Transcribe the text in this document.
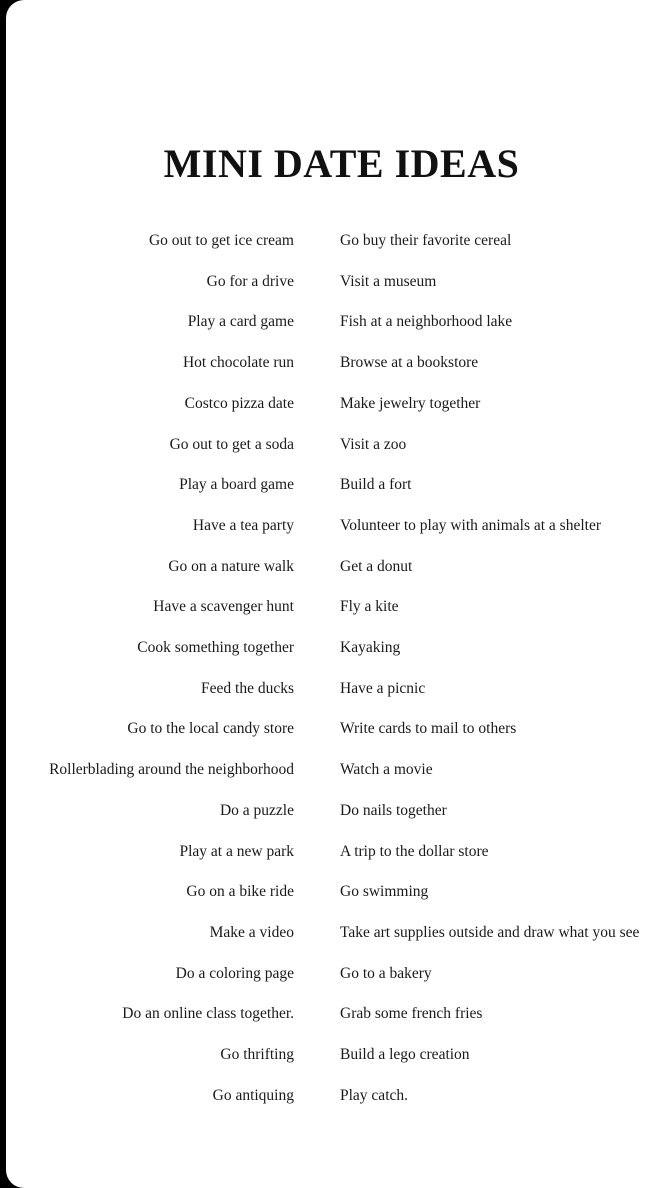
MINI DATE IDEAS
Go out to get ice cream	Go buy their favorite cereal
Go for a drive	Visit a museum
Play a card game	Fish at a neighborhood lake
Hot chocolate run	Browse at a bookstore
Costco pizza date	Make jewelry together
Go out to get a soda	Visit a zoo
Play a board game	Build a fort
Have a tea party	Volunteer to play with animals at a shelter
Go on a nature walk	Get a donut
Have a scavenger hunt	Fly a kite
Cook something together	Kayaking
Feed the ducks	Have a picnic
Go to the local candy store	Write cards to mail to others
Rollerblading around the neighborhood	Watch a movie
Do a puzzle	Do nails together
Play at a new park	A trip to the dollar store
Go on a bike ride	Go swimming
Make a video	Take art supplies outside and draw what you see
Do a coloring page	Go to a bakery
Do an online class together.	Grab some french fries
Go thrifting	Build a lego creation
Go antiquing	Play catch.
